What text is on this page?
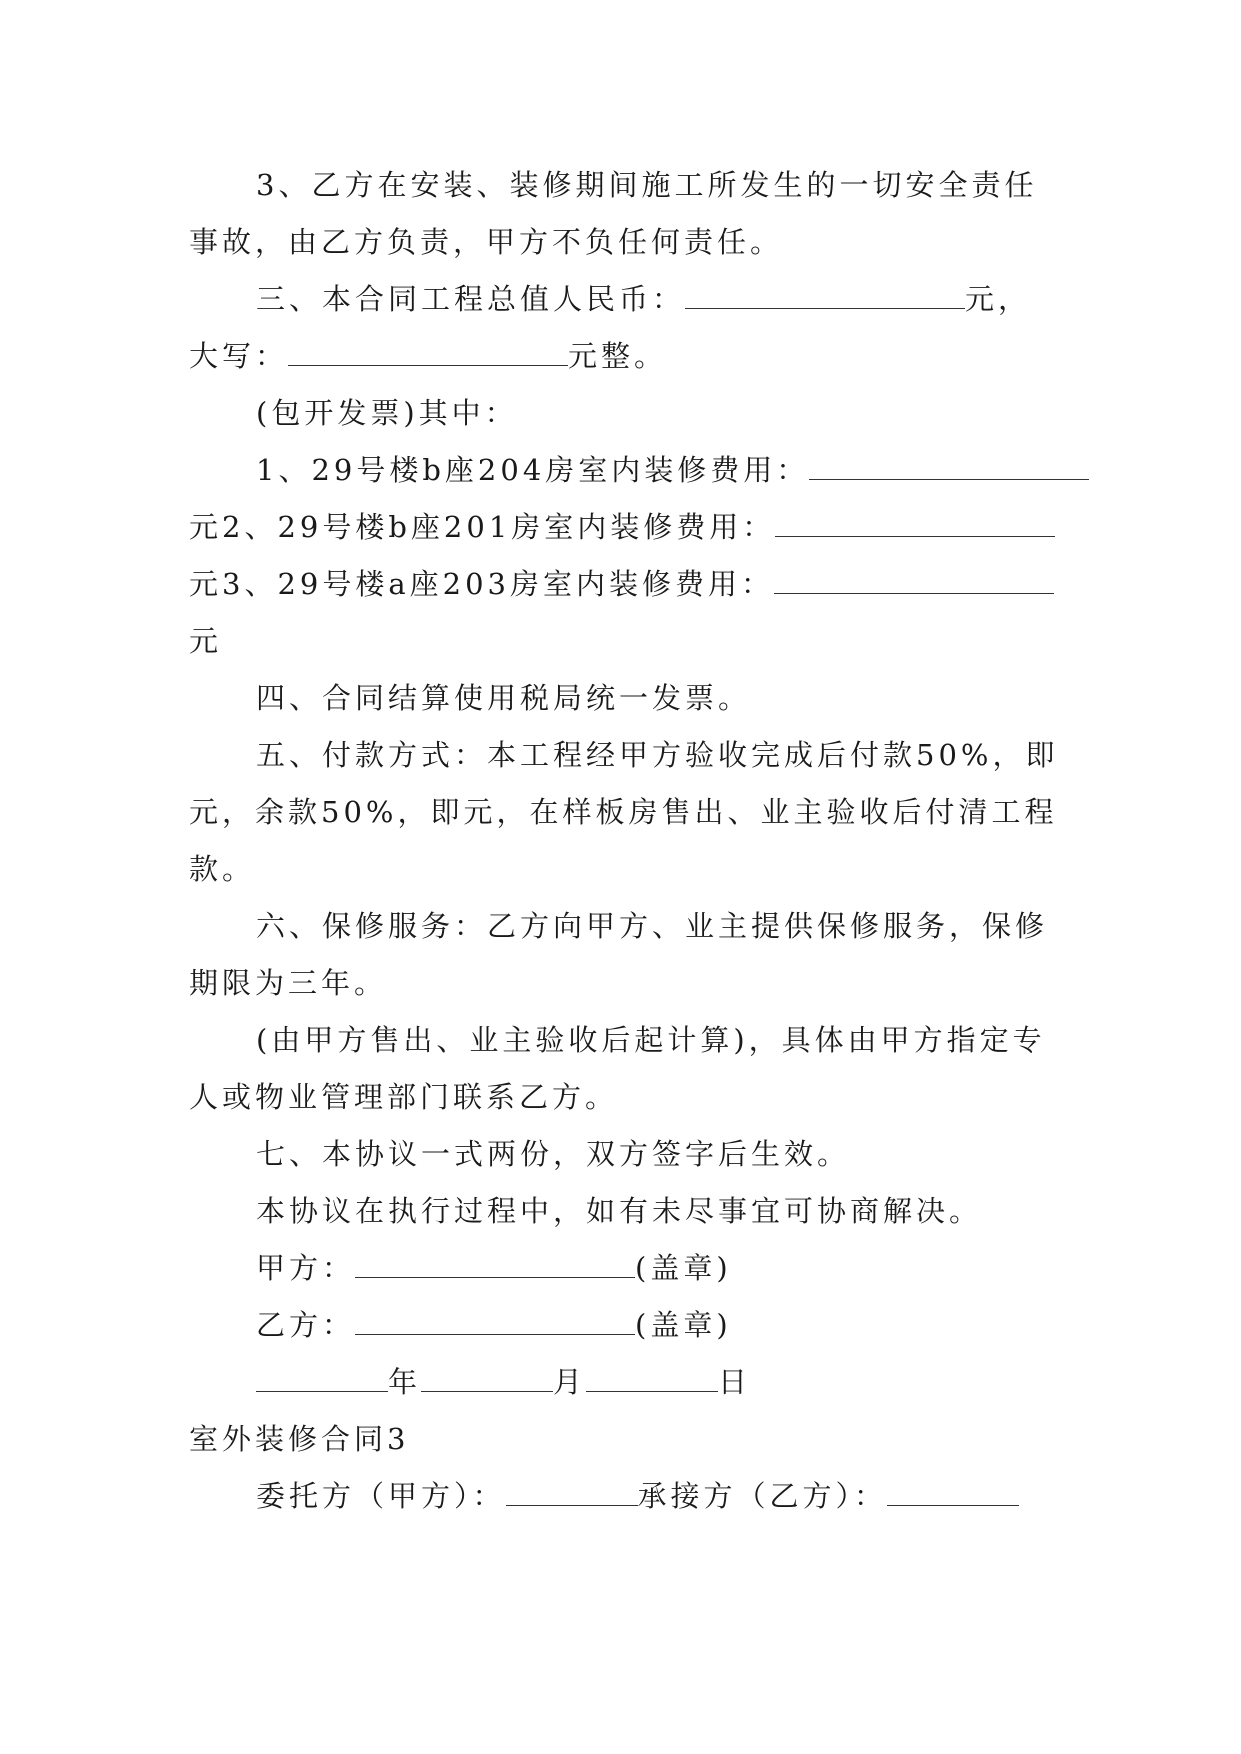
3、乙方在安装、装修期间施工所发生的一切安全责任
事故，由乙方负责，甲方不负任何责任。
三、本合同工程总值人民币：	元，
大写：	元整。
(包开发票)其中：
1、29号楼b座204房室内装修费用：
元2、29号楼b座201房室内装修费用：
元3、29号楼a座203房室内装修费用：
元
四、合同结算使用税局统一发票。
五、付款方式：本工程经甲方验收完成后付款50%，即
元，余款50%，即元，在样板房售出、业主验收后付清工程
款。
六、保修服务：乙方向甲方、业主提供保修服务，保修
期限为三年。
(由甲方售出、业主验收后起计算)，具体由甲方指定专
人或物业管理部门联系乙方。
七、本协议一式两份，双方签字后生效。
本协议在执行过程中，如有未尽事宜可协商解决。
甲方：	(盖章)
乙方：	(盖章)
年	月	日
室外装修合同3
委托方（甲方）：	承接方（乙方）：
